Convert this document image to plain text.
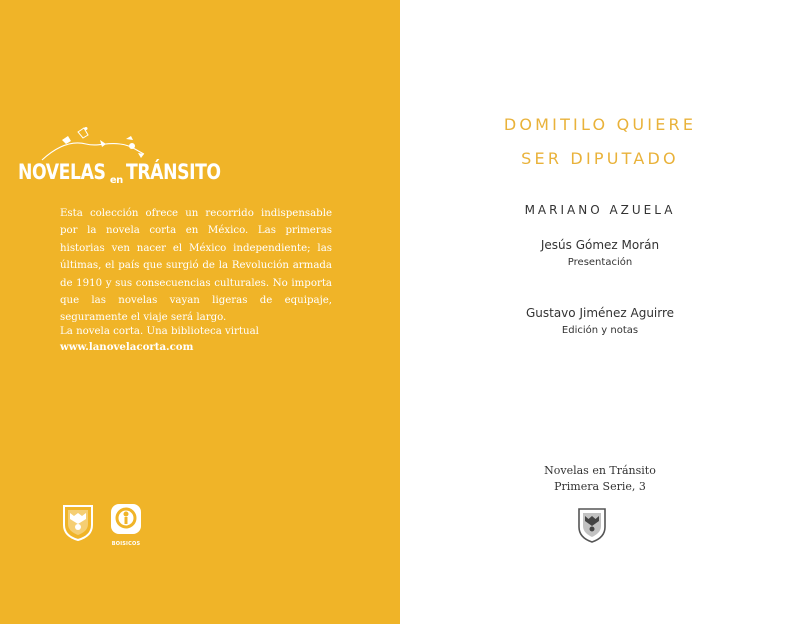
NOVELAS $_{en}$ TRÁNSITO

Esta colección ofrece un recorrido indispensable por la novela corta en México. Las primeras historias ven nacer el México independiente; las últimas, el país que surgió de la Revolución armada de 1910 y sus consecuencias culturales. No importa que las novelas vayan ligeras de equipaje, seguramente el viaje será largo.

La novela corta. Una biblioteca virtual

www.lanovelacorta.com

BOISICOS
DOMITILO QUIERE
SER DIPUTADO

MARIANO AZUELA

Jesús Gómez Morán

Presentación

Gustavo Jiménez Aguirre

Edición y notas

Novelas en Tránsito

Primera Serie, 3
